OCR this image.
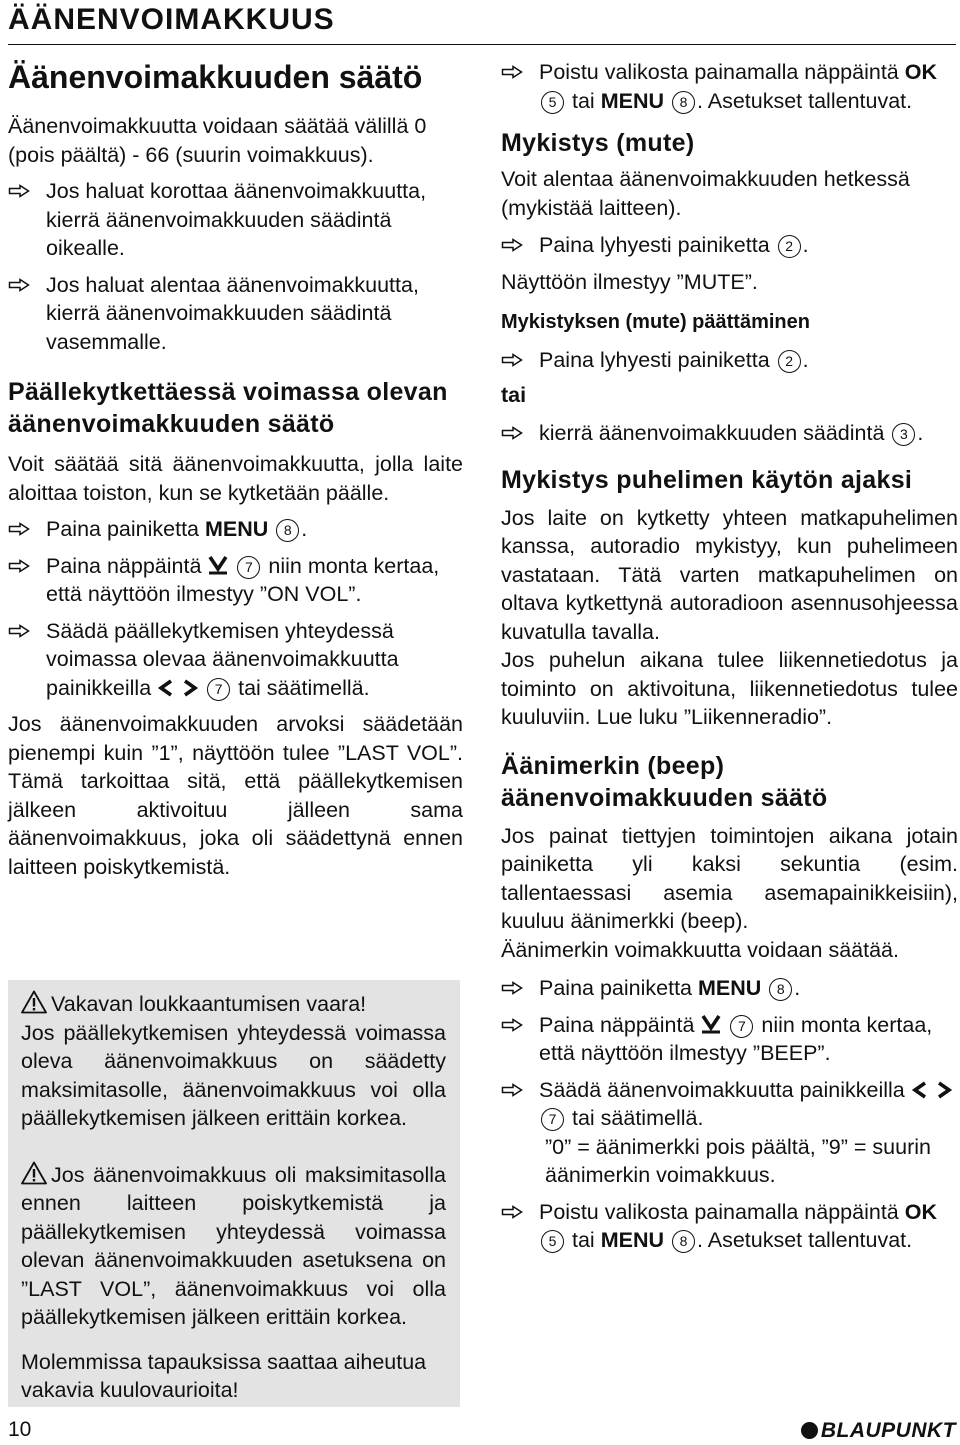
ÄÄNENVOIMAKKUUS
Äänenvoimakkuuden säätö

Äänenvoimakkuutta voidaan säätää välillä 0 (pois päältä) - 66 (suurin voimakkuus).

Jos haluat korottaa äänenvoimakkuutta, kierrä äänenvoimakkuuden säädintä oikealle.
Jos haluat alentaa äänenvoimakkuutta, kierrä äänenvoimakkuuden säädintä vasemmalle.
Päällekytkettäessä voimassa olevan äänenvoimakkuuden säätö

Voit säätää sitä äänenvoimakkuutta, jolla laite aloittaa toiston, kun se kytketään päälle.

Paina painiketta MENU 8 .
Paina näppäintä	7 niin monta kertaa, että näyttöön ilmestyy ”ON VOL”.
Säädä päällekytkemisen yhteydessä voimassa olevaa äänenvoimakkuutta painikkeilla	7 tai säätimellä.

Jos äänenvoimakkuuden arvoksi säädetään pienempi kuin ”1”, näyttöön tulee ”LAST VOL”. Tämä tarkoittaa sitä, että päällekytkemisen jälkeen aktivoituu jälleen sama äänenvoimakkuus, joka oli säädettynä ennen laitteen poiskytkemistä.

Vakavan loukkaantumisen vaara!

Jos päällekytkemisen yhteydessä voimassa oleva äänenvoimakkuus on säädetty maksimitasolle, äänenvoimakkuus voi olla päällekytkemisen jälkeen erittäin korkea.

Jos äänenvoimakkuus oli maksimitasolla ennen laitteen poiskytkemistä ja päällekytkemisen yhteydessä voimassa olevan äänenvoimakkuuden asetuksena on ”LAST VOL”, äänenvoimakkuus voi olla päällekytkemisen jälkeen erittäin korkea.

Molemmissa tapauksissa saattaa aiheutua vakavia kuulovaurioita!

Poistu valikosta painamalla näppäintä OK 5 tai MENU 8 . Asetukset tallentuvat.
Mykistys (mute)

Voit alentaa äänenvoimakkuuden hetkessä (mykistää laitteen).

Paina lyhyesti painiketta 2 .

Näyttöön ilmestyy ”MUTE”.

Mykistyksen (mute) päättäminen
Paina lyhyesti painiketta 2 .

tai

kierrä äänenvoimakkuuden säädintä 3 .
Mykistys puhelimen käytön ajaksi

Jos laite on kytketty yhteen matkapuhelimen kanssa, autoradio mykistyy, kun puhelimeen vastataan. Tätä varten matkapuhelimen on oltava kytkettynä autoradioon asennusohjeessa kuvatulla tavalla.

Jos puhelun aikana tulee liikennetiedotus ja toiminto on aktivoituna, liikennetiedotus tulee kuuluviin. Lue luku ”Liikenneradio”.

Äänimerkin (beep) äänenvoimakkuuden säätö

Jos painat tiettyjen toimintojen aikana jotain painiketta yli kaksi sekuntia (esim. tallentaessasi asemia asemapainikkeisiin), kuuluu äänimerkki (beep).

Äänimerkin voimakkuutta voidaan säätää.

Paina painiketta MENU 8 .
Paina näppäintä	7 niin monta kertaa, että näyttöön ilmestyy ”BEEP”.
Säädä äänenvoimakkuutta painikkeilla  7 tai säätimellä.
”0” = äänimerkki pois päältä, ”9” = suurin äänimerkin voimakkuus.
Poistu valikosta painamalla näppäintä OK 5 tai MENU 8 . Asetukset tallentuvat.
10	BLAUPUNKT
